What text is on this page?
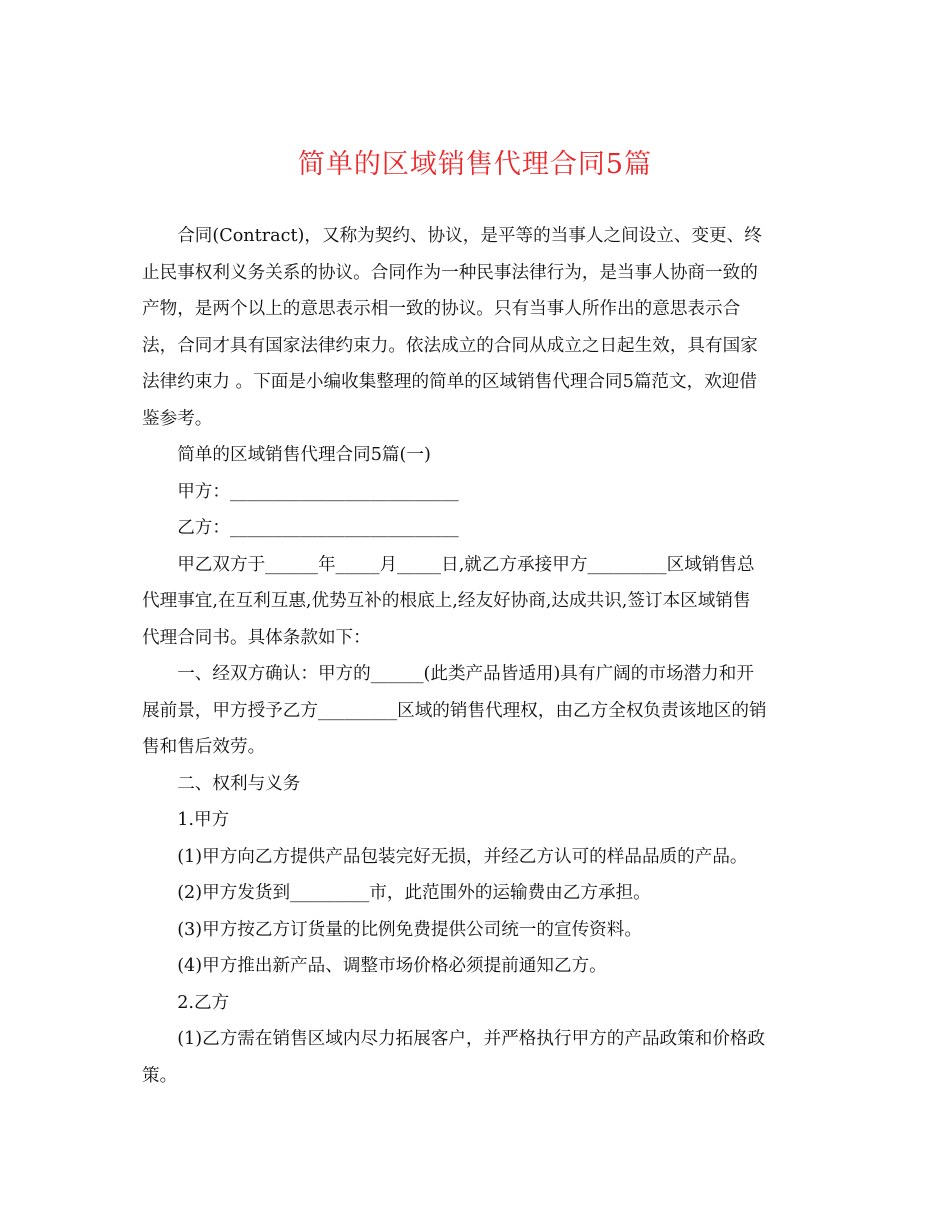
简单的区域销售代理合同5篇
合同(Contract)，又称为契约、协议，是平等的当事人之间设立、变更、终
止民事权利义务关系的协议。合同作为一种民事法律行为，是当事人协商一致的
产物，是两个以上的意思表示相一致的协议。只有当事人所作出的意思表示合
法，合同才具有国家法律约束力。依法成立的合同从成立之日起生效，具有国家
法律约束力 。下面是小编收集整理的简单的区域销售代理合同5篇范文，欢迎借
鉴参考。
简单的区域销售代理合同5篇(一)
甲方：__________________________
乙方：__________________________
甲乙双方于______年_____月_____日,就乙方承接甲方_________区域销售总
代理事宜,在互利互惠,优势互补的根底上,经友好协商,达成共识,签订本区域销售
代理合同书。具体条款如下：
一、经双方确认：甲方的______(此类产品皆适用)具有广阔的市场潜力和开
展前景，甲方授予乙方_________区域的销售代理权，由乙方全权负责该地区的销
售和售后效劳。
二、权利与义务
1.甲方
(1)甲方向乙方提供产品包装完好无损，并经乙方认可的样品品质的产品。
(2)甲方发货到_________市，此范围外的运输费由乙方承担。
(3)甲方按乙方订货量的比例免费提供公司统一的宣传资料。
(4)甲方推出新产品、调整市场价格必须提前通知乙方。
2.乙方
(1)乙方需在销售区域内尽力拓展客户，并严格执行甲方的产品政策和价格政
策。
